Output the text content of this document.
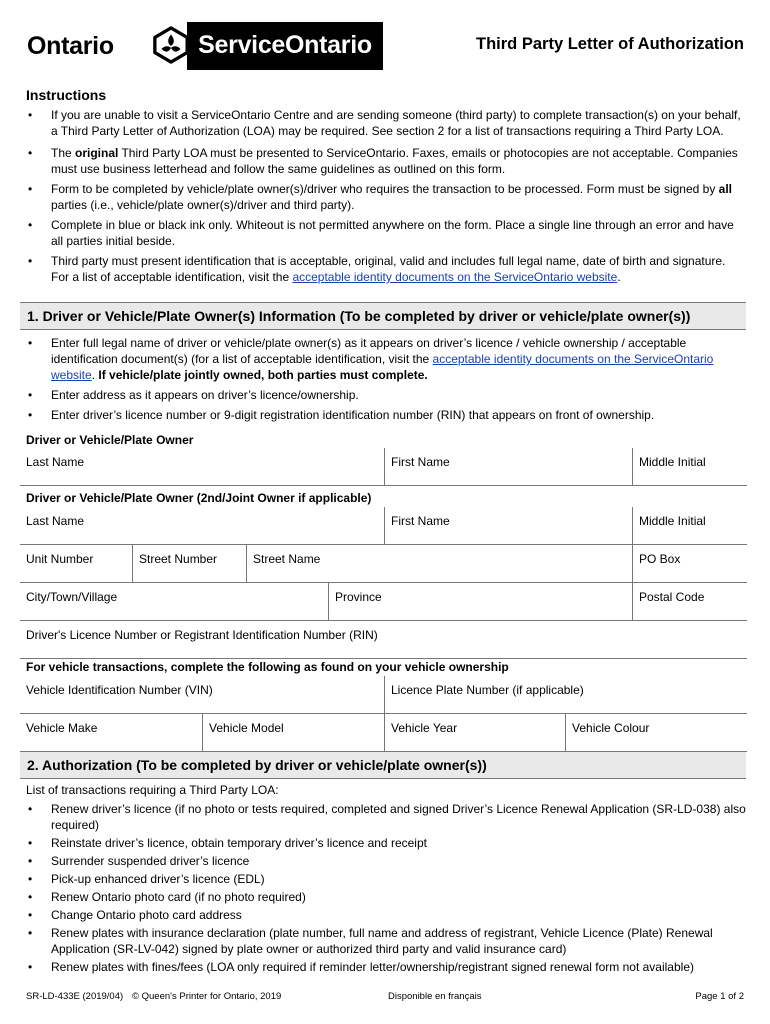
Ontario	ServiceOntario	Third Party Letter of Authorization
Instructions
• If you are unable to visit a ServiceOntario Centre and are sending someone (third party) to complete transaction(s) on your behalf, a Third Party Letter of Authorization (LOA) may be required. See section 2 for a list of transactions requiring a Third Party LOA.
• The original Third Party LOA must be presented to ServiceOntario. Faxes, emails or photocopies are not acceptable. Companies must use business letterhead and follow the same guidelines as outlined on this form.
• Form to be completed by vehicle/plate owner(s)/driver who requires the transaction to be processed. Form must be signed by all parties (i.e., vehicle/plate owner(s)/driver and third party).
• Complete in blue or black ink only. Whiteout is not permitted anywhere on the form. Place a single line through an error and have all parties initial beside.
• Third party must present identification that is acceptable, original, valid and includes full legal name, date of birth and signature. For a list of acceptable identification, visit the acceptable identity documents on the ServiceOntario website.
1. Driver or Vehicle/Plate Owner(s) Information (To be completed by driver or vehicle/plate owner(s))
• Enter full legal name of driver or vehicle/plate owner(s) as it appears on driver’s licence / vehicle ownership / acceptable identification document(s) (for a list of acceptable identification, visit the acceptable identity documents on the ServiceOntario website. If vehicle/plate jointly owned, both parties must complete.
• Enter address as it appears on driver’s licence/ownership.
• Enter driver’s licence number or 9-digit registration identification number (RIN) that appears on front of ownership.
Driver or Vehicle/Plate Owner
Last Name	First Name	Middle Initial
Driver or Vehicle/Plate Owner (2nd/Joint Owner if applicable)
Last Name	First Name	Middle Initial
Unit Number	Street Number	Street Name	PO Box
City/Town/Village	Province	Postal Code
Driver's Licence Number or Registrant Identification Number (RIN)
For vehicle transactions, complete the following as found on your vehicle ownership
Vehicle Identification Number (VIN)	Licence Plate Number (if applicable)
Vehicle Make	Vehicle Model	Vehicle Year	Vehicle Colour
2. Authorization (To be completed by driver or vehicle/plate owner(s))
List of transactions requiring a Third Party LOA:
• Renew driver’s licence (if no photo or tests required, completed and signed Driver’s Licence Renewal Application (SR-LD-038) also required)
• Reinstate driver’s licence, obtain temporary driver’s licence and receipt
• Surrender suspended driver’s licence
• Pick-up enhanced driver’s licence (EDL)
• Renew Ontario photo card (if no photo required)
• Change Ontario photo card address
• Renew plates with insurance declaration (plate number, full name and address of registrant, Vehicle Licence (Plate) Renewal Application (SR-LV-042) signed by plate owner or authorized third party and valid insurance card)
• Renew plates with fines/fees (LOA only required if reminder letter/ownership/registrant signed renewal form not available)
SR-LD-433E (2019/04) © Queen's Printer for Ontario, 2019	Disponible en français	Page 1 of 2
